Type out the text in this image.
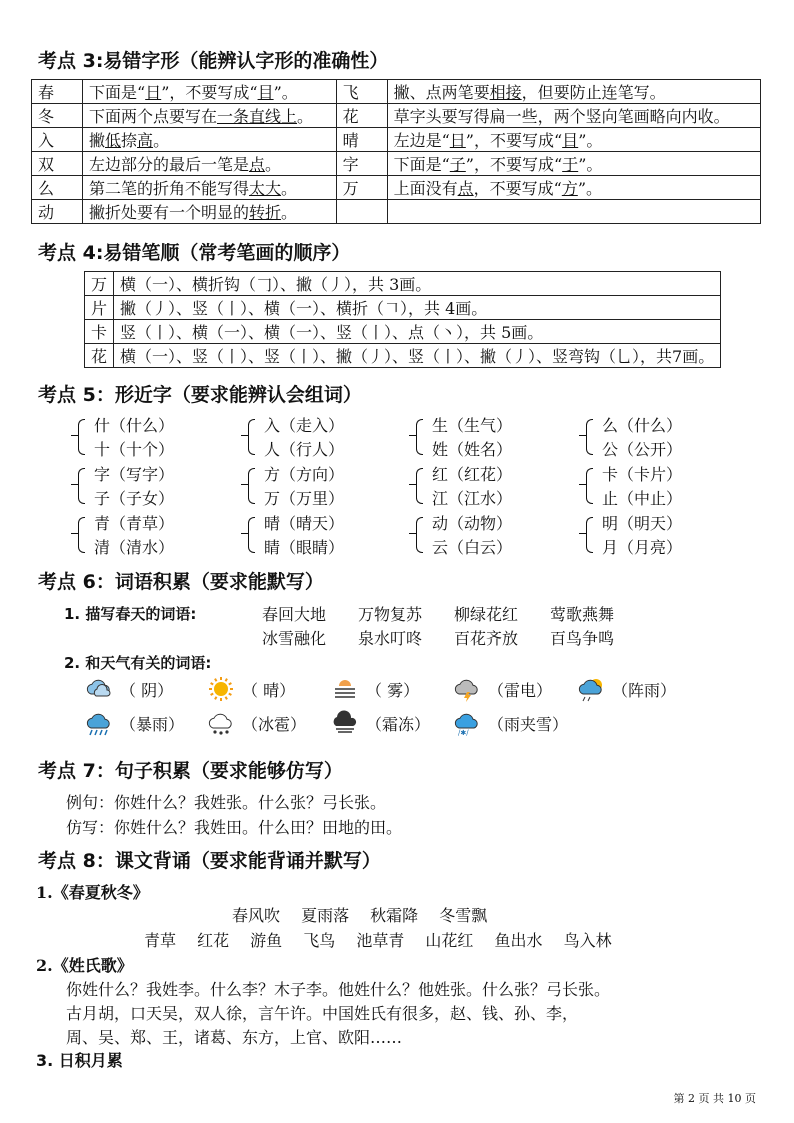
考点 3:易错字形（能辨认字形的准确性）
春	下面是“日”，不要写成“目”。	飞	撇、点两笔要相接，但要防止连笔写。
冬	下面两个点要写在一条直线上。	花	草字头要写得扁一些，两个竖向笔画略向内收。
入	撇低捺高。	晴	左边是“日”，不要写成“目”。
双	左边部分的最后一笔是点。	字	下面是“子”，不要写成“于”。
么	第二笔的折角不能写得太大。	万	上面没有点，不要写成“方”。
动	撇折处要有一个明显的转折。		
考点 4:易错笔顺（常考笔画的顺序）
万	横（一）、横折钩（𠃌）、撇（丿），共 3画。
片	撇（丿）、竖（丨）、横（一）、横折（𠃍），共 4画。
卡	竖（丨）、横（一）、横（一）、竖（丨）、点（丶），共 5画。
花	横（一）、竖（丨）、竖（丨）、撇（丿）、竖（丨）、撇（丿）、竖弯钩（乚），共7画。
考点 5：形近字（要求能辨认会组词）
什（什么）
十（十个）
入（走入）
人（行人）
生（生气）
姓（姓名）
么（什么）
公（公开）
字（写字）
子（子女）
方（方向）
万（万里）
红（红花）
江（江水）
卡（卡片）
止（中止）
青（青草）
清（清水）
晴（晴天）
睛（眼睛）
动（动物）
云（白云）
明（明天）
月（月亮）
考点 6：词语积累（要求能默写）
1. 描写春天的词语:	春回大地　　万物复苏　　柳绿花红　　莺歌燕舞
冰雪融化　　泉水叮咚　　百花齐放　　百鸟争鸣
2. 和天气有关的词语:
（ 阴）	（ 晴）	（ 雾）	（雷电）	（阵雨）
（暴雨）	（冰雹）	（霜冻）	/✱/ （雨夹雪）
考点 7：句子积累（要求能够仿写）
例句：你姓什么？我姓张。什么张？弓长张。
仿写：你姓什么？我姓田。什么田？田地的田。
考点 8：课文背诵（要求能背诵并默写）
1.《春夏秋冬》
春风吹　 夏雨落　 秋霜降　 冬雪飘
青草　 红花　 游鱼　 飞鸟　 池草青　 山花红　 鱼出水　 鸟入林
2.《姓氏歌》
你姓什么？我姓李。什么李？木子李。他姓什么？他姓张。什么张？弓长张。
古月胡，口天吴，双人徐，言午许。中国姓氏有很多，赵、钱、孙、李，
周、吴、郑、王，诸葛、东方，上官、欧阳……
3. 日积月累
第 2 页 共 10 页
